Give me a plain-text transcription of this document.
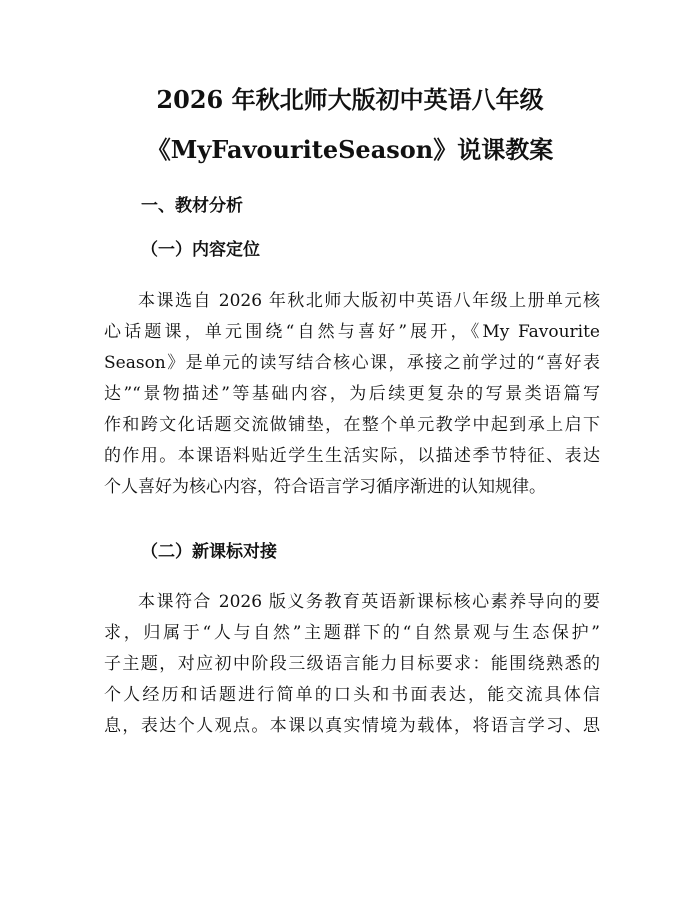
2026 年秋北师大版初中英语八年级
《MyFavouriteSeason》说课教案
一、教材分析
（一）内容定位

本课选自 2026 年秋北师大版初中英语八年级上册单元核
心话题课，单元围绕“自然与喜好”展开，《My Favourite
Season》是单元的读写结合核心课，承接之前学过的“喜好表
达”“景物描述”等基础内容，为后续更复杂的写景类语篇写
作和跨文化话题交流做铺垫，在整个单元教学中起到承上启下
的作用。本课语料贴近学生生活实际，以描述季节特征、表达
个人喜好为核心内容，符合语言学习循序渐进的认知规律。

（二）新课标对接

本课符合 2026 版义务教育英语新课标核心素养导向的要
求，归属于“人与自然”主题群下的“自然景观与生态保护”
子主题，对应初中阶段三级语言能力目标要求：能围绕熟悉的
个人经历和话题进行简单的口头和书面表达，能交流具体信
息，表达个人观点。本课以真实情境为载体，将语言学习、思
